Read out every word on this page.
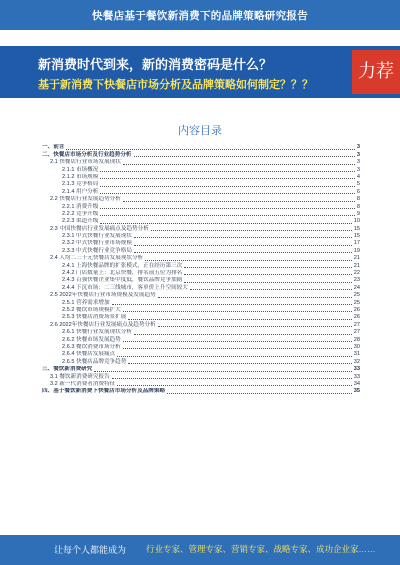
快餐店基于餐饮新消费下的品牌策略研究报告
新消费时代到来，新的消费密码是什么？
基于新消费下快餐店市场分析及品牌策略如何制定？？？
力荐
内容目录
一、前言	3
二、快餐店市场分析及行业趋势分析	3
2.1 快餐店行业市场发展现状	3
2.1.1 市场概况	3
2.1.2 市场规模	4
2.1.3 竞争格局	5
2.1.4 用户分析	6
2.2 快餐店行业发展趋势分析	8
2.2.1 消费升级	8
2.2.2 竞争升级	9
2.2.3 渠道升级	10
2.3 中国快餐店行业发展痛点及趋势分析	15
2.3.1 中式快餐行业发展现状	15
2.3.2 中式快餐行业市场规模	17
2.3.3 中式快餐行业竞争格局	19
2.4 人均二三十元快餐店发展现状分析	21
2.4.1 上海快餐品牌的扩张模式，正在经历第三次	21
2.4.2 门店数量上：北京快餐，排名前五位为排名	22
2.4.3 百强快餐企业集中度低，餐饮品牌竞争加剧	23
2.4.4 下沉市场：二三线城市，客单价上升空间较大	24
2.5 2022年快餐店行业市场规模及发展趋势	25
2.5.1 营养需求增加	25
2.5.2 餐饮市场规模扩大	26
2.5.3 快餐店消费场景扩展	26
2.6 2022年快餐店行业发展痛点及趋势分析	27
2.6.1 快餐行业发展现状分析	27
2.6.2 快餐市场发展趋势	28
2.6.3 餐饮消费市场分析	30
2.6.4 快餐店发展痛点	31
2.6.5 快餐店品牌竞争趋势	32
三、餐饮新消费研究	33
3.1 餐饮新消费研究报告	33
3.2 新一代消费者消费特征	34
四、基于餐饮新消费下快餐店市场分析及品牌策略	35
让每个人都能成为 行业专家、管理专家、营销专家、战略专家、成功企业家……
